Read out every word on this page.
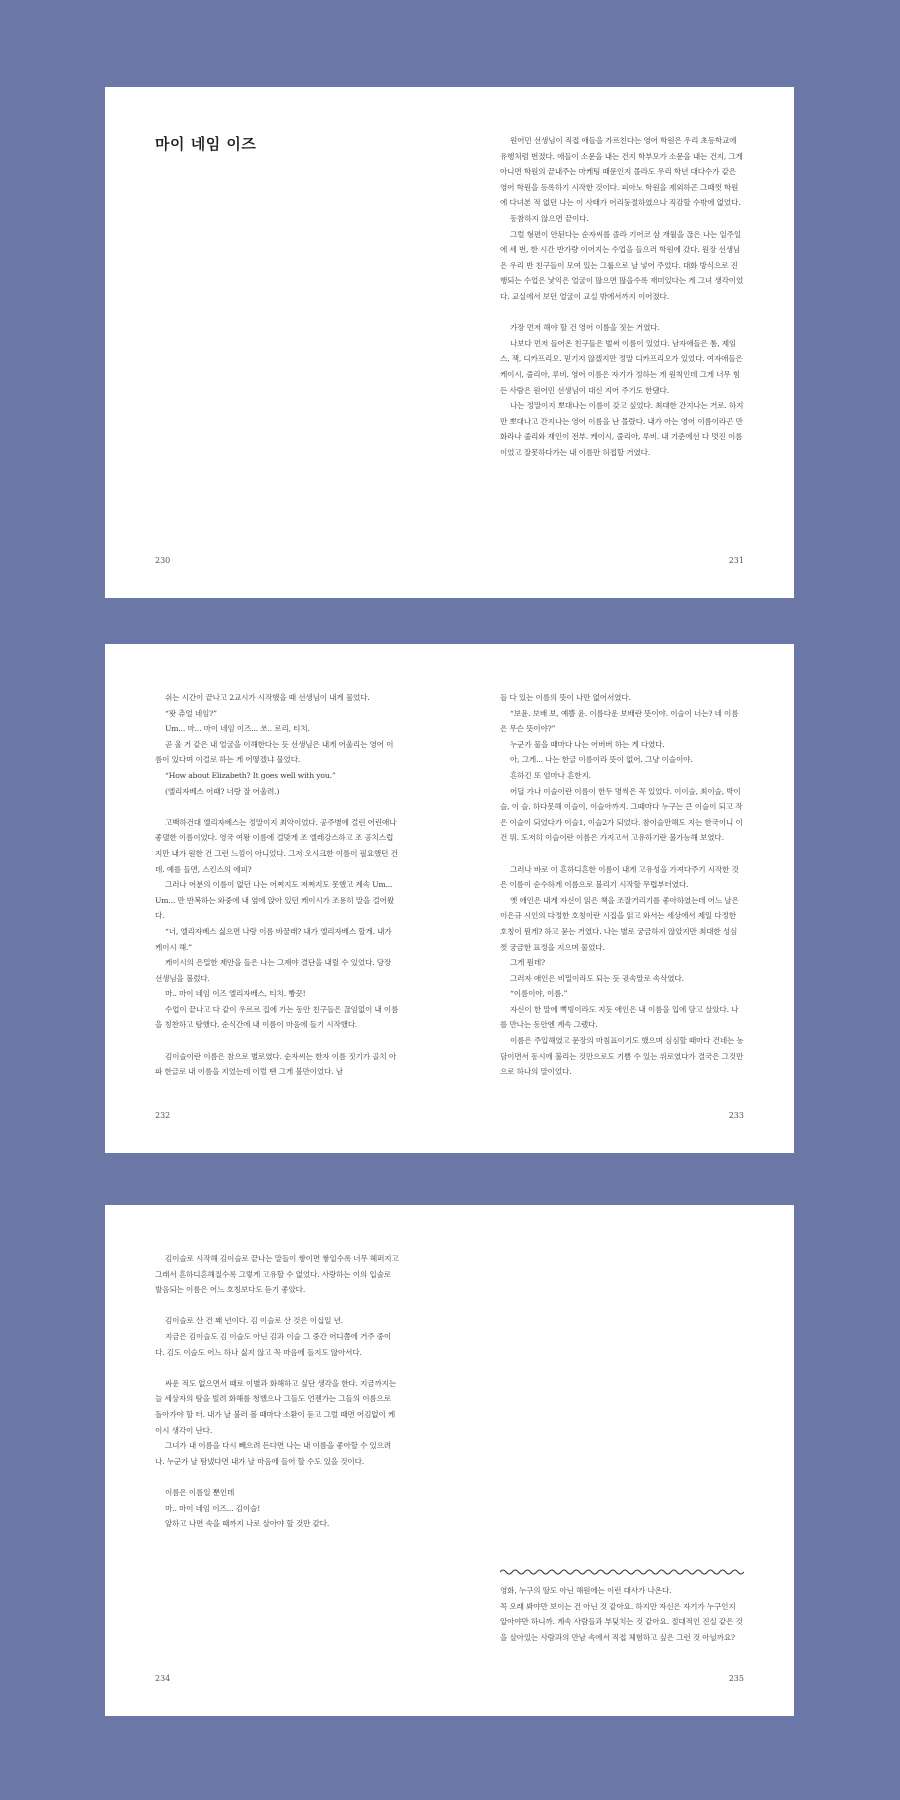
마이 네임 이즈
230

원어민 선생님이 직접 애들을 가르친다는 영어 학원은 우리 초등학교에 유행처럼 번졌다. 애들이 소문을 내는 건지 학부모가 소문을 내는 건지, 그게 아니면 학원의 끝내주는 마케팅 때문인지 몰라도 우리 학년 대다수가 같은 영어 학원을 등록하기 시작한 것이다. 피아노 학원을 제외하곤 그때껏 학원에 다녀본 적 없던 나는 이 사태가 어리둥절하였으나 직감할 수밖에 없었다.

동참하지 않으면 끝이다.

그럴 형편이 안된다는 순자씨를 졸라 기어코 삼 개월을 끊은 나는 일주일에 세 번, 한 시간 반가량 이어지는 수업을 들으러 학원에 갔다. 원장 선생님은 우리 반 친구들이 모여 있는 그룹으로 날 넣어 주었다. 대화 방식으로 진행되는 수업은 낯익은 얼굴이 많으면 많을수록 재미있다는 게 그녀 생각이었다. 교실에서 보던 얼굴이 교실 밖에서까지 이어졌다.

가장 먼저 해야 할 건 영어 이름을 짓는 거였다.

나보다 먼저 들어온 친구들은 벌써 이름이 있었다. 남자애들은 톰, 제임스, 잭, 디카프리오. 믿기지 않겠지만 정말 디카프리오가 있었다. 여자애들은 케이시, 줄리아, 루비. 영어 이름은 자기가 정하는 게 원칙인데 그게 너무 힘든 사람은 원어민 선생님이 대신 지어 주기도 한댔다.

나는 정말이지 뽀대나는 이름이 갖고 싶었다. 최대한 간지나는 거로. 하지만 뽀대나고 간지나는 영어 이름을 난 몰랐다. 내가 아는 영어 이름이라곤 만화라나 줄리와 재인이 전부. 케이시, 줄리아, 루비. 내 기준에선 다 멋진 이름이었고 잘못하다가는 내 이름만 허접할 거였다.

231

쉬는 시간이 끝나고 2교시가 시작했을 때 선생님이 내게 물었다.

“왓 츄얼 네임?”

Um... 마... 마이 네임 이즈... 쏘.. 로리, 티치.

곧 울 거 같은 내 얼굴을 이해한다는 듯 선생님은 내게 어울리는 영어 이름이 있다며 이걸로 하는 게 어떻겠냐 물었다.

“How about Elizabeth? It goes well with you.”

(엘리자베스 어때? 너랑 잘 어울려.)

고백하건대 엘리자베스는 정말이지 최악이었다. 공주병에 걸린 어린애나 좋댈한 이름이었다. 영국 여왕 이름에 걸맞게 조 엘레강스하고 조 공치스럽지만 내가 원한 건 그런 느낌이 아니었다. 그저 오시크한 이름이 필요했던 건데. 예를 들면, 스킨스의 에피?

그러나 어분의 이름이 없던 나는 어쩌지도 저쩌지도 못했고 계속 Um... Um... 만 반복하는 와중에 내 옆에 앉아 있던 케이시가 조용히 말을 걸어왔다.

“너, 엘리자베스 싫으면 나랑 이름 바꿀래? 내가 엘리자베스 할게. 내가 케이시 해.”

케이시의 은밀한 제안을 들은 나는 그제야 결단을 내릴 수 있었다. 당장 선생님을 불렀다.

마.. 마이 네임 이즈 엘리자베스, 티치. 빵끗!

수업이 끝나고 다 같이 우르르 집에 가는 동안 친구들은 끊임없이 내 이름을 칭찬하고 탐했다. 순식간에 내 이름이 마음에 들기 시작했다.

김이슬이란 이름은 참으로 별로였다. 순자씨는 한자 이름 짓기가 골치 아파 한글로 내 이름을 지었는데 이럴 땐 그게 불만이었다. 남

232

들 다 있는 이름의 뜻이 나만 없어서였다.

“보윤. 보배 보, 예쁠 윤. 이름다운 보배란 뜻이야. 이슬이 너는? 네 이름은 무슨 뜻이야?”

누군가 물을 때마다 나는 어버버 하는 게 다였다.

아, 그게... 나는 한글 이름이라 뜻이 없어. 그냥 이슬이야.

흔하긴 또 엄마나 흔한지.

어딜 가나 이슬이란 이름이 한두 명씩은 꼭 있었다. 이이슬, 최이슬, 박이슬, 이 슬. 하다못해 이슬이, 이슬아까지. 그때마다 누구는 큰 이슬이 되고 작은 이슬이 되었다가 이슬1, 이슬2가 되었다. 참이슬만해도 지는 한국이니 이건 뭐. 도저히 이슬이란 이름은 가지고서 고유하기란 불가능해 보였다.

그러나 바로 이 흔하디흔한 이름이 내게 고유성을 가져다주기 시작한 것은 이름이 순수하게 이름으로 불리기 시작할 무렵부터였다.

옛 애인은 내게 자신이 읽은 책을 조잘거리기를 좋아하였는데 어느 날은 이은규 시인의 다정한 호칭이란 시집을 읽고 와서는 세상에서 제일 다정한 호칭이 뭔게? 하고 묻는 거였다. 나는 별로 궁금하지 않았지만 최대한 성심껏 궁금한 표정을 지으며 물었다.

그게 뭔데?

그러자 애인은 비밀이라도 되는 듯 귓속말로 속삭였다.

“이름이야, 이름.”

자신이 한 말에 뻑빙이라도 지듯 애인은 내 이름을 입에 담고 살았다. 나를 만나는 동안엔 계속 그랬다.

이름은 주입해였고 문장의 마침표이기도 했으며 심심할 때마다 건네는 농담이면서 동시에 불리는 것만으로도 기쁨 수 있는 위로였다가 결국은 그것만으로 하나의 말이었다.

233

김이슬로 시작해 김이슬로 끝나는 말들이 쌓이면 쌓일수록 너무 헤퍼지고 그래서 흔하디흔해질수록 그렇게 고유할 수 없었다. 사랑하는 이의 입술로 발음되는 이름은 어느 호칭보다도 듣기 좋았다.

김이슬로 산 건 꽤 년이다. 김 이슬로 산 것은 이십일 년.

지금은 김이슬도 김 이슬도 아닌 김과 이슬 그 중간 어디쯤에 거주 중이다. 김도 이슬도 어느 하나 싫지 않고 꼭 마음에 들지도 않아서다.

싸운 적도 없으면서 때로 이별과 화해하고 싶단 생각을 한다. 지금까지는 늘 세상자의 탐을 빌려 화해를 청했으나 그들도 언젠가는 그들의 이름으로 돌아가야 할 터. 내가 날 불러 볼 때마다 소환이 돋고 그럴 때면 어김없이 케이시 생각이 난다.

그녀가 내 이름을 다시 빼으려 든다면 나는 내 이름을 좋아할 수 있으려나. 누군가 날 탐냈다면 내가 날 마음에 들어 할 수도 있을 것이다.

이름은 이름일 뿐인데

마.. 마이 네임 이즈... 김이슬!

앞하고 나면 속을 때까지 나로 살아야 할 것만 같다.

234

영화, 누구의 딸도 아닌 해원에는 이런 대사가 나온다.

꼭 오래 봐야만 보이는 건 아닌 것 같아요. 하지만 자신은 자기가 누구인지 알아야만 하니까. 계속 사람들과 부딪치는 것 같아요. 절대적인 진실 같은 것을 살아있는 사람과의 만남 속에서 직접 체험하고 싶은 그런 것 아닐까요?

235
